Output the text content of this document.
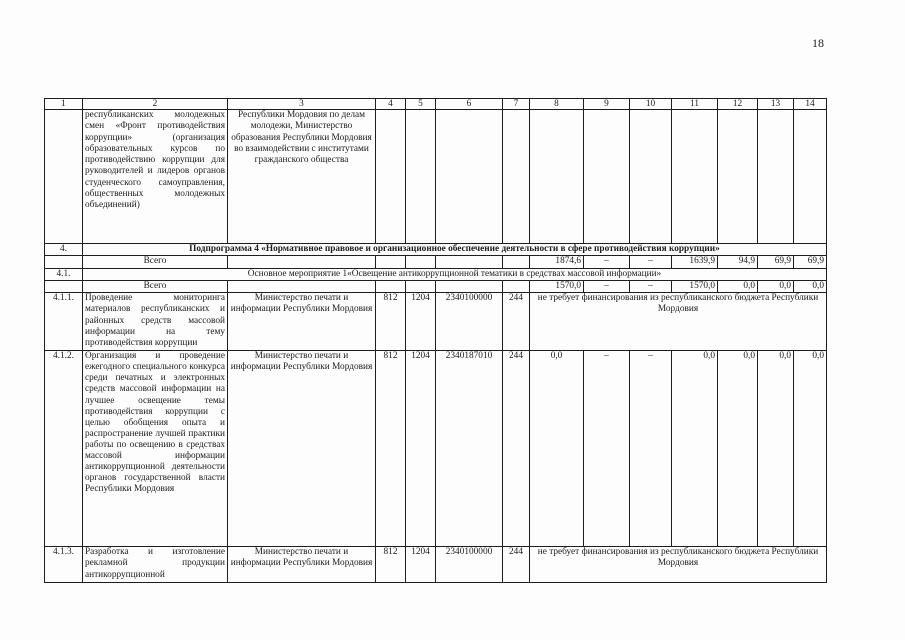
18
1	2	3	4	5	6	7	8	9	10	11	12	13	14
	республиканских молодежных смен «Фронт противодействия коррупции» (организация образовательных курсов по противодействию коррупции для руководителей и лидеров органов студенческого самоуправления, общественных молодежных объединений)	Республики Мордовия по делам молодежи, Министерство образования Республики Мордовия во взаимодействии с институтами гражданского общества											
4.	Подпрограмма 4 «Нормативное правовое и организационное обеспечение деятельности в сфере противодействия коррупции»												
	Всего						1874,6	–	–	1639,9	94,9	69,9	69,9
4.1.	Основное мероприятие 1«Освещение антикоррупционной тематики в средствах массовой информации»												
	Всего						1570,0	–	–	1570,0	0,0	0,0	0,0
4.1.1.	Проведение мониторинга материалов республиканских и районных средств массовой информации на тему противодействия коррупции	Министерство печати и информации Республики Мордовия	812	1204	2340100000	244	не требует финансирования из республиканского бюджета Республики Мордовия						
4.1.2.	Организация и проведение ежегодного специального конкурса среди печатных и электронных средств массовой информации на лучшее освещение темы противодействия коррупции с целью обобщения опыта и распространение лучшей практики работы по освещению в средствах массовой информации антикоррупционной деятельности органов государственной власти Республики Мордовия	Министерство печати и информации Республики Мордовия	812	1204	2340187010	244	0,0	–	–	0,0	0,0	0,0	0,0
4.1.3.	Разработка и изготовление рекламной продукции антикоррупционной	Министерство печати и информации Республики Мордовия	812	1204	2340100000	244	не требует финансирования из республиканского бюджета Республики Мордовия						
